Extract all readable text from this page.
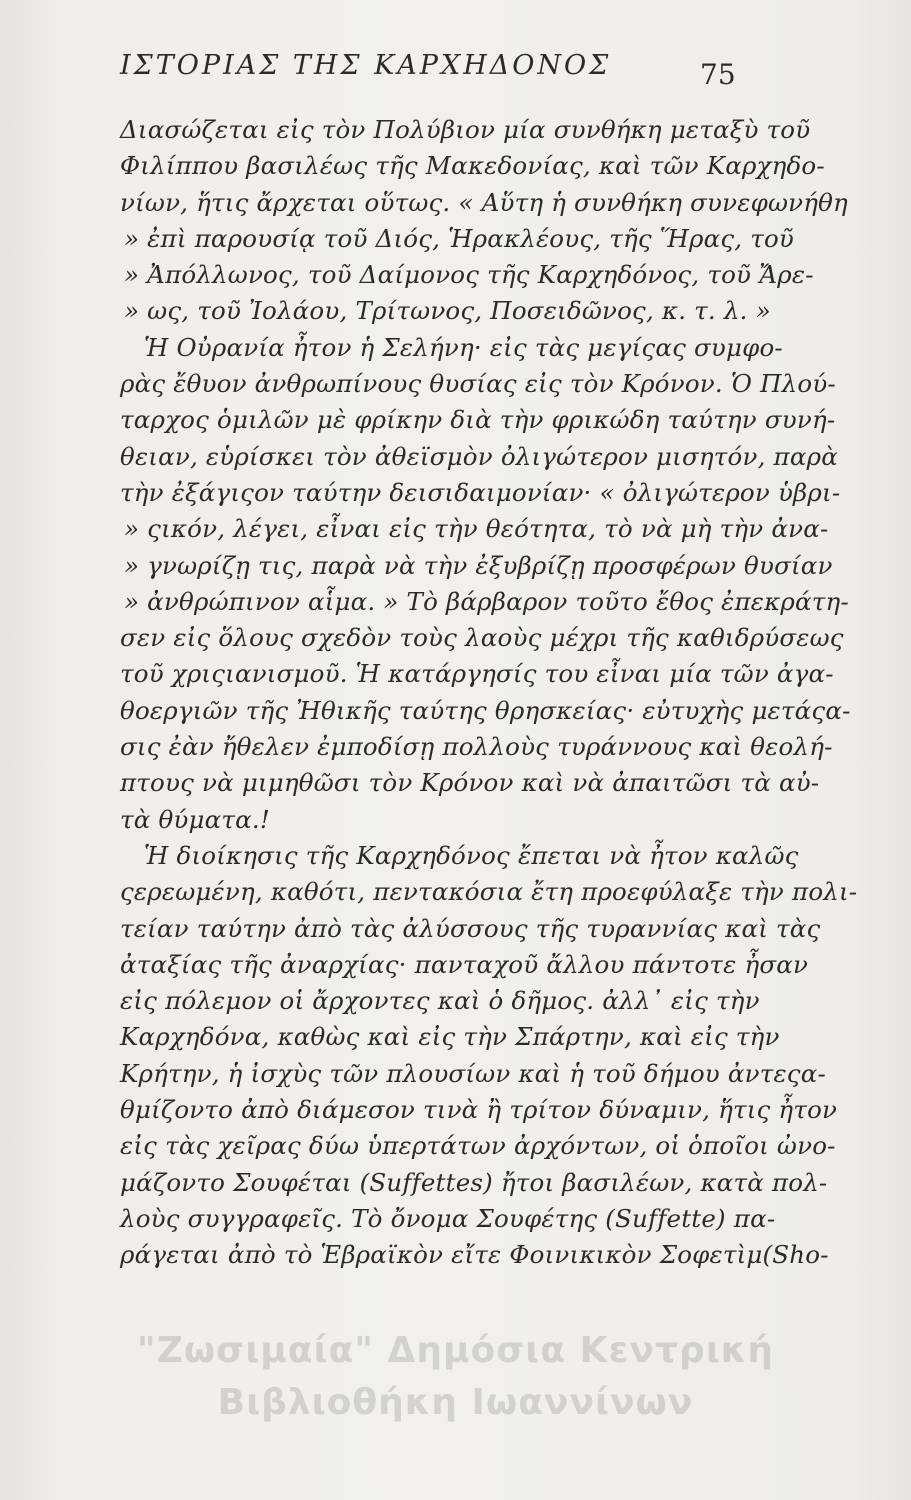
ΙΣΤΟΡΙΑΣ ΤΗΣ ΚΑΡΧΗΔΟΝΟΣ	75
Διασώζεται εἰς τὸν Πολύβιον μία συνθήκη μεταξὺ τοῦ
Φιλίππου βασιλέως τῆς Μακεδονίας, καὶ τῶν Καρχηδο-
νίων, ἥτις ἄρχεται οὕτως. « Αὕτη ἡ συνθήκη συνεφωνήθη
» ἐπὶ παρουσίᾳ τοῦ Διός, Ἡρακλέους, τῆς Ἥρας, τοῦ
» Ἀπόλλωνος, τοῦ Δαίμονος τῆς Καρχηδόνος, τοῦ Ἄρε-
» ως, τοῦ Ἰολάου, Τρίτωνος, Ποσειδῶνος, κ. τ. λ. »
Ἡ Οὐρανία ἦτον ἡ Σελήνη· εἰς τὰς μεγίςας συμφο-
ρὰς ἔθυον ἀνθρωπίνους θυσίας εἰς τὸν Κρόνον. Ὁ Πλού-
ταρχος ὁμιλῶν μὲ φρίκην διὰ τὴν φρικώδη ταύτην συνή-
θειαν, εὑρίσκει τὸν ἀθεϊσμὸν ὀλιγώτερον μισητόν, παρὰ
τὴν ἐξάγιςον ταύτην δεισιδαιμονίαν· « ὀλιγώτερον ὑβρι-
» ςικόν, λέγει, εἶναι εἰς τὴν θεότητα, τὸ νὰ μὴ τὴν ἀνα-
» γνωρίζῃ τις, παρὰ νὰ τὴν ἐξυβρίζῃ προσφέρων θυσίαν
» ἀνθρώπινον αἷμα. » Τὸ βάρβαρον τοῦτο ἔθος ἐπεκράτη-
σεν εἰς ὅλους σχεδὸν τοὺς λαοὺς μέχρι τῆς καθιδρύσεως
τοῦ χριςιανισμοῦ. Ἡ κατάργησίς του εἶναι μία τῶν ἀγα-
θοεργιῶν τῆς Ἠθικῆς ταύτης θρησκείας· εὐτυχὴς μετάςα-
σις ἐὰν ἤθελεν ἐμποδίσῃ πολλοὺς τυράννους καὶ θεολή-
πτους νὰ μιμηθῶσι τὸν Κρόνον καὶ νὰ ἀπαιτῶσι τὰ αὐ-
τὰ θύματα.!
Ἡ διοίκησις τῆς Καρχηδόνος ἔπεται νὰ ἦτον καλῶς
ςερεωμένη, καθότι, πεντακόσια ἔτη προεφύλαξε τὴν πολι-
τείαν ταύτην ἀπὸ τὰς ἀλύσσους τῆς τυραννίας καὶ τὰς
ἀταξίας τῆς ἀναρχίας· πανταχοῦ ἄλλου πάντοτε ἦσαν
εἰς πόλεμον οἱ ἄρχοντες καὶ ὁ δῆμος. ἀλλ᾽ εἰς τὴν
Καρχηδόνα, καθὼς καὶ εἰς τὴν Σπάρτην, καὶ εἰς τὴν
Κρήτην, ἡ ἰσχὺς τῶν πλουσίων καὶ ἡ τοῦ δήμου ἀντεςα-
θμίζοντο ἀπὸ διάμεσον τινὰ ἢ τρίτον δύναμιν, ἥτις ἦτον
εἰς τὰς χεῖρας δύω ὑπερτάτων ἀρχόντων, οἱ ὁποῖοι ὠνο-
μάζοντο Σουφέται (Suffettes) ἤτοι βασιλέων, κατὰ πολ-
λοὺς συγγραφεῖς. Τὸ ὄνομα Σουφέτης (Suffette) πα-
ράγεται ἀπὸ τὸ Ἑβραϊκὸν εἴτε Φοινικικὸν Σοφετὶμ(Sho-
"Ζωσιμαία" Δημόσια Κεντρική
Βιβλιοθήκη Ιωαννίνων
